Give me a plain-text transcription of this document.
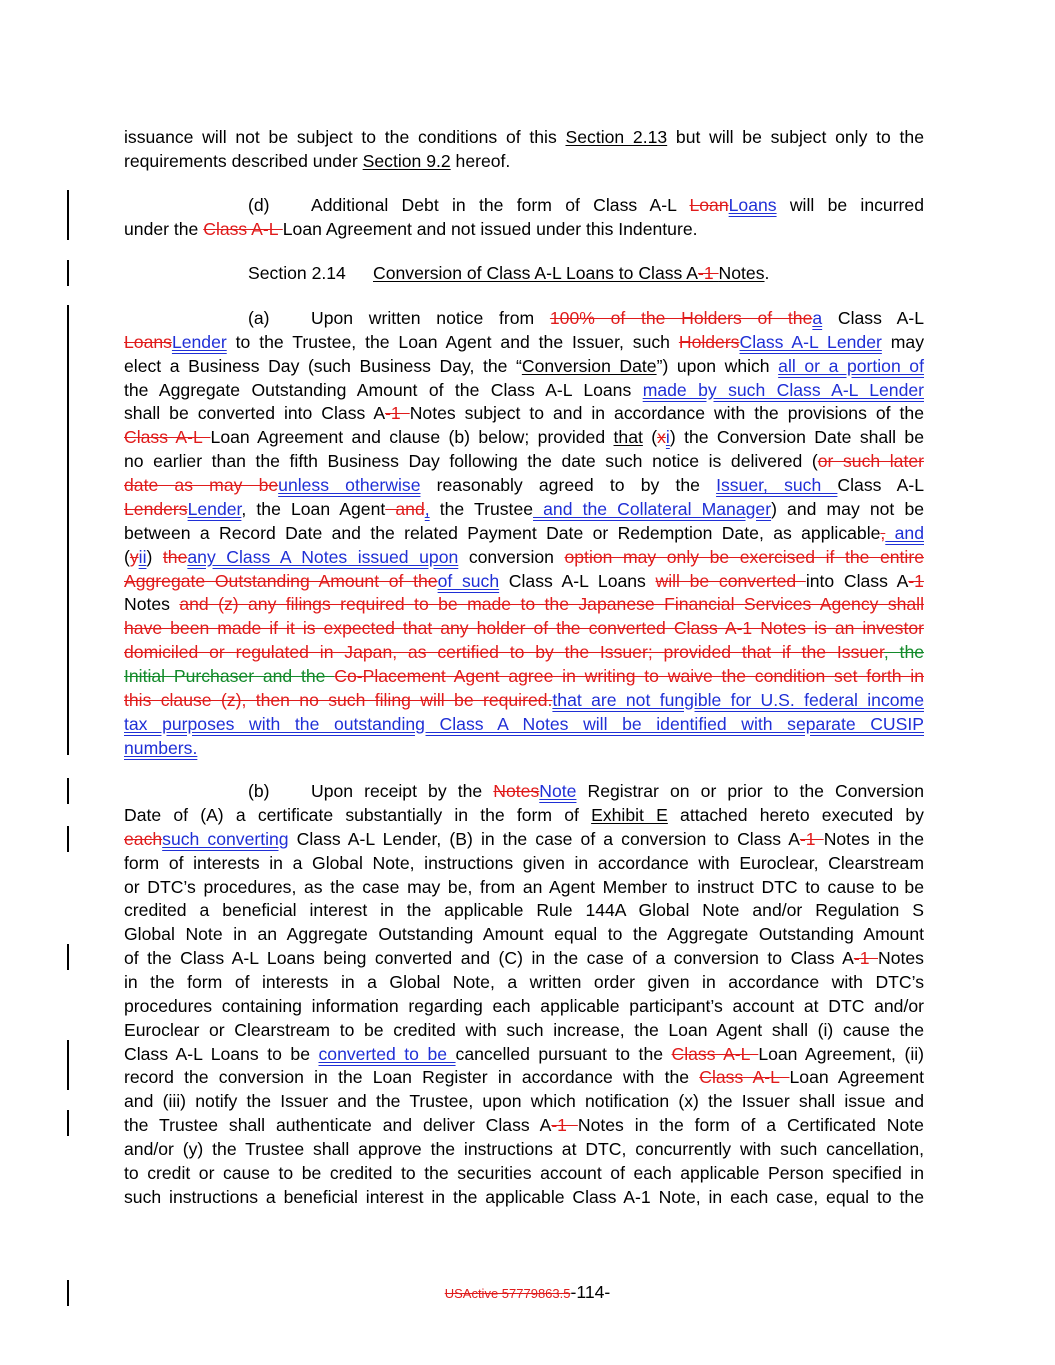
issuance will not be subject to the conditions of this Section 2.13 but will be subject only to the
requirements described under Section 9.2 hereof.
(d) Additional Debt in the form of Class A-L LoanLoans will be incurred
under the Class A-L Loan Agreement and not issued under this Indenture.
Section 2.14 Conversion of Class A-L Loans to Class A-1 Notes.
(a) Upon written notice from 100% of the Holders of thea Class A-L
LoansLender to the Trustee, the Loan Agent and the Issuer, such HoldersClass A-L Lender may
elect a Business Day (such Business Day, the “Conversion Date”) upon which all or a portion of
the Aggregate Outstanding Amount of the Class A-L Loans made by such Class A-L Lender
shall be converted into Class A-1 Notes subject to and in accordance with the provisions of the
Class A-L Loan Agreement and clause (b) below; provided that (xi) the Conversion Date shall be
no earlier than the fifth Business Day following the date such notice is delivered (or such later
date as may beunless otherwise reasonably agreed to by the Issuer, such Class A-L
LendersLender, the Loan Agent and, the Trustee and the Collateral Manager) and may not be
between a Record Date and the related Payment Date or Redemption Date, as applicable, and
(yii) theany Class A Notes issued upon conversion option may only be exercised if the entire
Aggregate Outstanding Amount of theof such Class A-L Loans will be converted into Class A-1
Notes and (z) any filings required to be made to the Japanese Financial Services Agency shall
have been made if it is expected that any holder of the converted Class A-1 Notes is an investor
domiciled or regulated in Japan, as certified to by the Issuer; provided that if the Issuer, the
Initial Purchaser and the Co-Placement Agent agree in writing to waive the condition set forth in
this clause (z), then no such filing will be required.that are not fungible for U.S. federal income
tax purposes with the outstanding Class A Notes will be identified with separate CUSIP
numbers.
(b) Upon receipt by the NotesNote Registrar on or prior to the Conversion
Date of (A) a certificate substantially in the form of Exhibit E attached hereto executed by
eachsuch converting Class A-L Lender, (B) in the case of a conversion to Class A-1 Notes in the
form of interests in a Global Note, instructions given in accordance with Euroclear, Clearstream
or DTC’s procedures, as the case may be, from an Agent Member to instruct DTC to cause to be
credited a beneficial interest in the applicable Rule 144A Global Note and/or Regulation S
Global Note in an Aggregate Outstanding Amount equal to the Aggregate Outstanding Amount
of the Class A-L Loans being converted and (C) in the case of a conversion to Class A-1 Notes
in the form of interests in a Global Note, a written order given in accordance with DTC’s
procedures containing information regarding each applicable participant’s account at DTC and/or
Euroclear or Clearstream to be credited with such increase, the Loan Agent shall (i) cause the
Class A-L Loans to be converted to be cancelled pursuant to the Class A-L Loan Agreement, (ii)
record the conversion in the Loan Register in accordance with the Class A-L Loan Agreement
and (iii) notify the Issuer and the Trustee, upon which notification (x) the Issuer shall issue and
the Trustee shall authenticate and deliver Class A-1 Notes in the form of a Certificated Note
and/or (y) the Trustee shall approve the instructions at DTC, concurrently with such cancellation,
to credit or cause to be credited to the securities account of each applicable Person specified in
such instructions a beneficial interest in the applicable Class A-1 Note, in each case, equal to the
USActive 57779863.5-114-
